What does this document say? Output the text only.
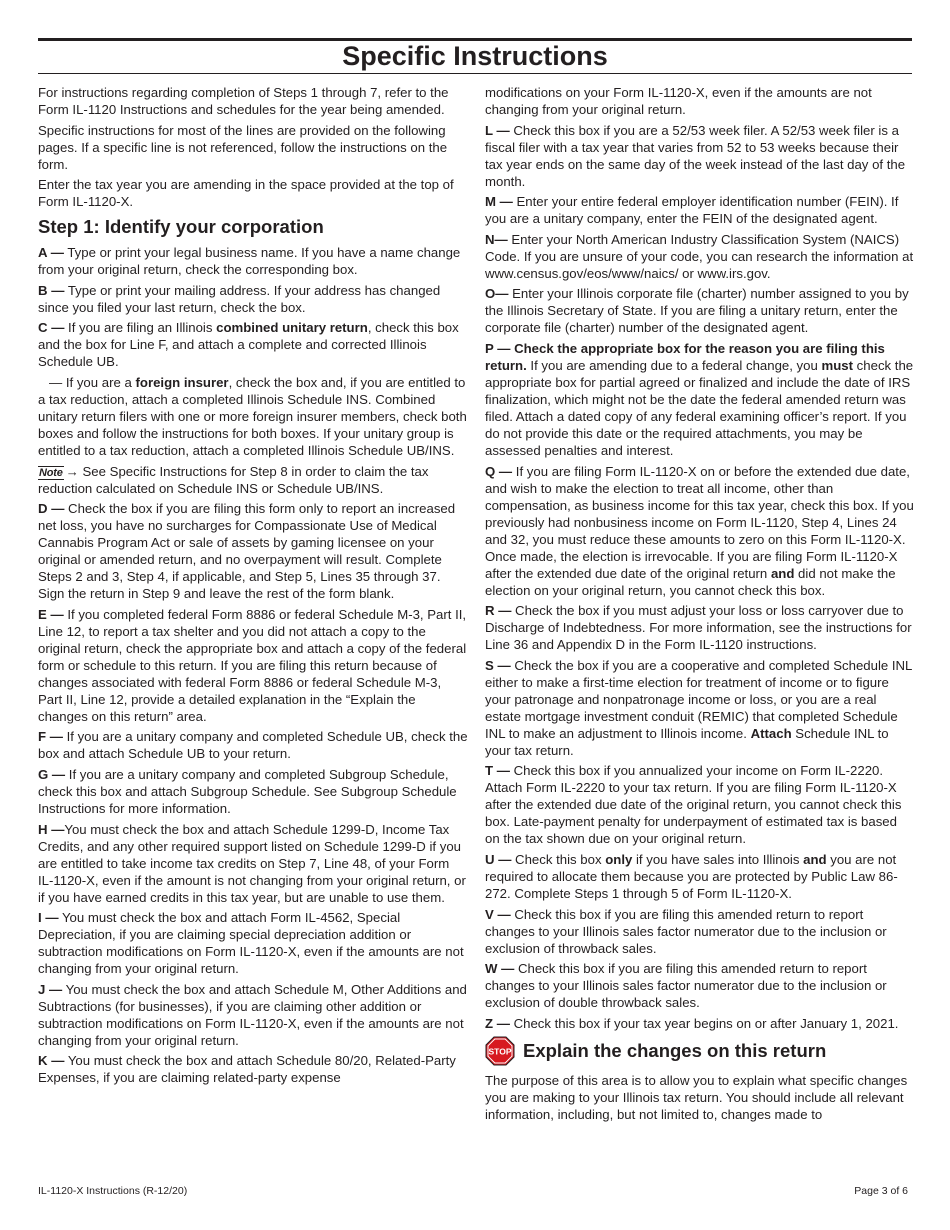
Specific Instructions

For instructions regarding completion of Steps 1 through 7, refer to the Form IL-1120 Instructions and schedules for the year being amended.

Specific instructions for most of the lines are provided on the following pages. If a specific line is not referenced, follow the instructions on the form.

Enter the tax year you are amending in the space provided at the top of Form IL-1120-X.

Step 1: Identify your corporation

A — Type or print your legal business name. If you have a name change from your original return, check the corresponding box.

B — Type or print your mailing address. If your address has changed since you filed your last return, check the box.

C — If you are filing an Illinois combined unitary return, check this box and the box for Line F, and attach a complete and corrected Illinois Schedule UB.

— If you are a foreign insurer, check the box and, if you are entitled to a tax reduction, attach a completed Illinois Schedule INS. Combined unitary return filers with one or more foreign insurer members, check both boxes and follow the instructions for both boxes. If your unitary group is entitled to a tax reduction, attach a completed Illinois Schedule UB/INS.

Note → See Specific Instructions for Step 8 in order to claim the tax reduction calculated on Schedule INS or Schedule UB/INS.

D — Check the box if you are filing this form only to report an increased net loss, you have no surcharges for Compassionate Use of Medical Cannabis Program Act or sale of assets by gaming licensee on your original or amended return, and no overpayment will result. Complete Steps 2 and 3, Step 4, if applicable, and Step 5, Lines 35 through 37. Sign the return in Step 9 and leave the rest of the form blank.

E — If you completed federal Form 8886 or federal Schedule M-3, Part II, Line 12, to report a tax shelter and you did not attach a copy to the original return, check the appropriate box and attach a copy of the federal form or schedule to this return. If you are filing this return because of changes associated with federal Form 8886 or federal Schedule M-3, Part II, Line 12, provide a detailed explanation in the “Explain the changes on this return” area.

F — If you are a unitary company and completed Schedule UB, check the box and attach Schedule UB to your return.

G — If you are a unitary company and completed Subgroup Schedule, check this box and attach Subgroup Schedule. See Subgroup Schedule Instructions for more information.

H —You must check the box and attach Schedule 1299-D, Income Tax Credits, and any other required support listed on Schedule 1299-D if you are entitled to take income tax credits on Step 7, Line 48, of your Form IL-1120-X, even if the amount is not changing from your original return, or if you have earned credits in this tax year, but are unable to use them.

I — You must check the box and attach Form IL-4562, Special Depreciation, if you are claiming special depreciation addition or subtraction modifications on Form IL-1120-X, even if the amounts are not changing from your original return.

J — You must check the box and attach Schedule M, Other Additions and Subtractions (for businesses), if you are claiming other addition or subtraction modifications on Form IL-1120-X, even if the amounts are not changing from your original return.

K — You must check the box and attach Schedule 80/20, Related-Party Expenses, if you are claiming related-party expense

modifications on your Form IL-1120-X, even if the amounts are not changing from your original return.

L — Check this box if you are a 52/53 week filer. A 52/53 week filer is a fiscal filer with a tax year that varies from 52 to 53 weeks because their tax year ends on the same day of the week instead of the last day of the month.

M — Enter your entire federal employer identification number (FEIN). If you are a unitary company, enter the FEIN of the designated agent.

N— Enter your North American Industry Classification System (NAICS) Code. If you are unsure of your code, you can research the information at www.census.gov/eos/www/naics/ or www.irs.gov.

O— Enter your Illinois corporate file (charter) number assigned to you by the Illinois Secretary of State. If you are filing a unitary return, enter the corporate file (charter) number of the designated agent.

P — Check the appropriate box for the reason you are filing this return. If you are amending due to a federal change, you must check the appropriate box for partial agreed or finalized and include the date of IRS finalization, which might not be the date the federal amended return was filed. Attach a dated copy of any federal examining officer’s report. If you do not provide this date or the required attachments, you may be assessed penalties and interest.

Q — If you are filing Form IL-1120-X on or before the extended due date, and wish to make the election to treat all income, other than compensation, as business income for this tax year, check this box. If you previously had nonbusiness income on Form IL-1120, Step 4, Lines 24 and 32, you must reduce these amounts to zero on this Form IL-1120-X. Once made, the election is irrevocable. If you are filing Form IL-1120-X after the extended due date of the original return and did not make the election on your original return, you cannot check this box.

R — Check the box if you must adjust your loss or loss carryover due to Discharge of Indebtedness. For more information, see the instructions for Line 36 and Appendix D in the Form IL-1120 instructions.

S — Check the box if you are a cooperative and completed Schedule INL either to make a first-time election for treatment of income or to figure your patronage and nonpatronage income or loss, or you are a real estate mortgage investment conduit (REMIC) that completed Schedule INL to make an adjustment to Illinois income. Attach Schedule INL to your tax return.

T — Check this box if you annualized your income on Form IL-2220. Attach Form IL-2220 to your tax return. If you are filing Form IL-1120-X after the extended due date of the original return, you cannot check this box. Late-payment penalty for underpayment of estimated tax is based on the tax shown due on your original return.

U — Check this box only if you have sales into Illinois and you are not required to allocate them because you are protected by Public Law 86-272. Complete Steps 1 through 5 of Form IL-1120-X.

V — Check this box if you are filing this amended return to report changes to your Illinois sales factor numerator due to the inclusion or exclusion of throwback sales.

W — Check this box if you are filing this amended return to report changes to your Illinois sales factor numerator due to the inclusion or exclusion of double throwback sales.

Z — Check this box if your tax year begins on or after January 1, 2021.

STOP Explain the changes on this return

The purpose of this area is to allow you to explain what specific changes you are making to your Illinois tax return. You should include all relevant information, including, but not limited to, changes made to

IL-1120-X Instructions (R-12/20)	Page 3 of 6
